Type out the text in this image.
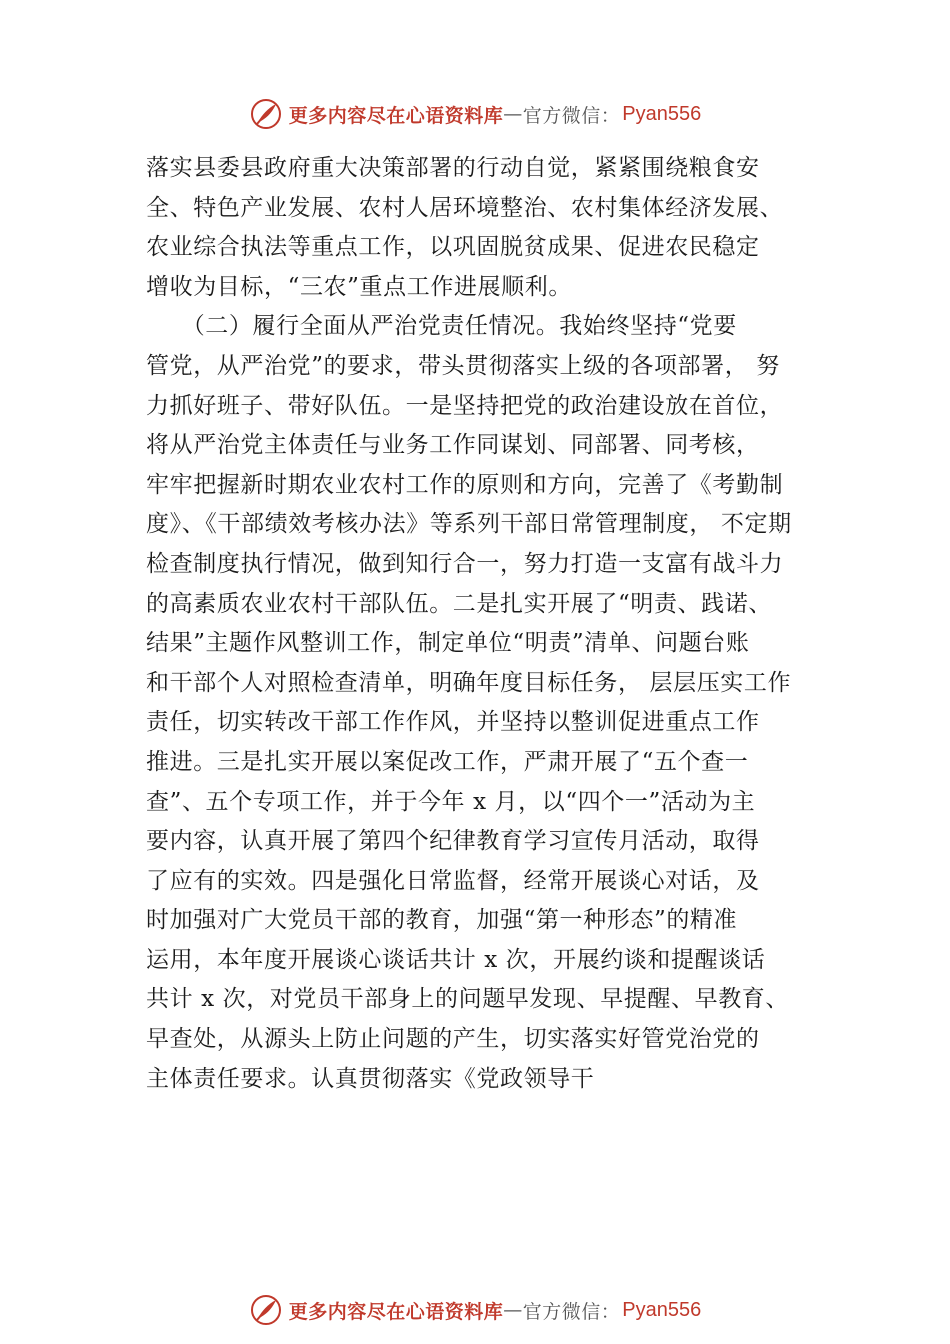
更多内容尽在心语资料库 — 官方微信： Pyan556
落实县委县政府重大决策部署的行动自觉，紧紧围绕粮食安
全、特色产业发展、农村人居环境整治、农村集体经济发展、
农业综合执法等重点工作，以巩固脱贫成果、促进农民稳定
增收为目标，“三农”重点工作进展顺利。
　　（二）履行全面从严治党责任情况。我始终坚持“党要
管党，从严治党”的要求，带头贯彻落实上级的各项部署， 努
力抓好班子、带好队伍。一是坚持把党的政治建设放在首位，
将从严治党主体责任与业务工作同谋划、同部署、同考核，
牢牢把握新时期农业农村工作的原则和方向，完善了《考勤制
度》、《干部绩效考核办法》等系列干部日常管理制度， 不定期
检查制度执行情况，做到知行合一，努力打造一支富有战斗力
的高素质农业农村干部队伍。二是扎实开展了“明责、践诺、
结果”主题作风整训工作，制定单位“明责”清单、问题台账
和干部个人对照检查清单，明确年度目标任务， 层层压实工作
责任，切实转改干部工作作风，并坚持以整训促进重点工作
推进。三是扎实开展以案促改工作，严肃开展了“五个查一
查”、五个专项工作，并于今年 x 月，以“四个一”活动为主
要内容，认真开展了第四个纪律教育学习宣传月活动，取得
了应有的实效。四是强化日常监督，经常开展谈心对话，及
时加强对广大党员干部的教育，加强“第一种形态”的精准
运用，本年度开展谈心谈话共计 x 次，开展约谈和提醒谈话
共计 x 次，对党员干部身上的问题早发现、早提醒、早教育、
早查处，从源头上防止问题的产生，切实落实好管党治党的
主体责任要求。认真贯彻落实《党政领导干
更多内容尽在心语资料库 — 官方微信： Pyan556
